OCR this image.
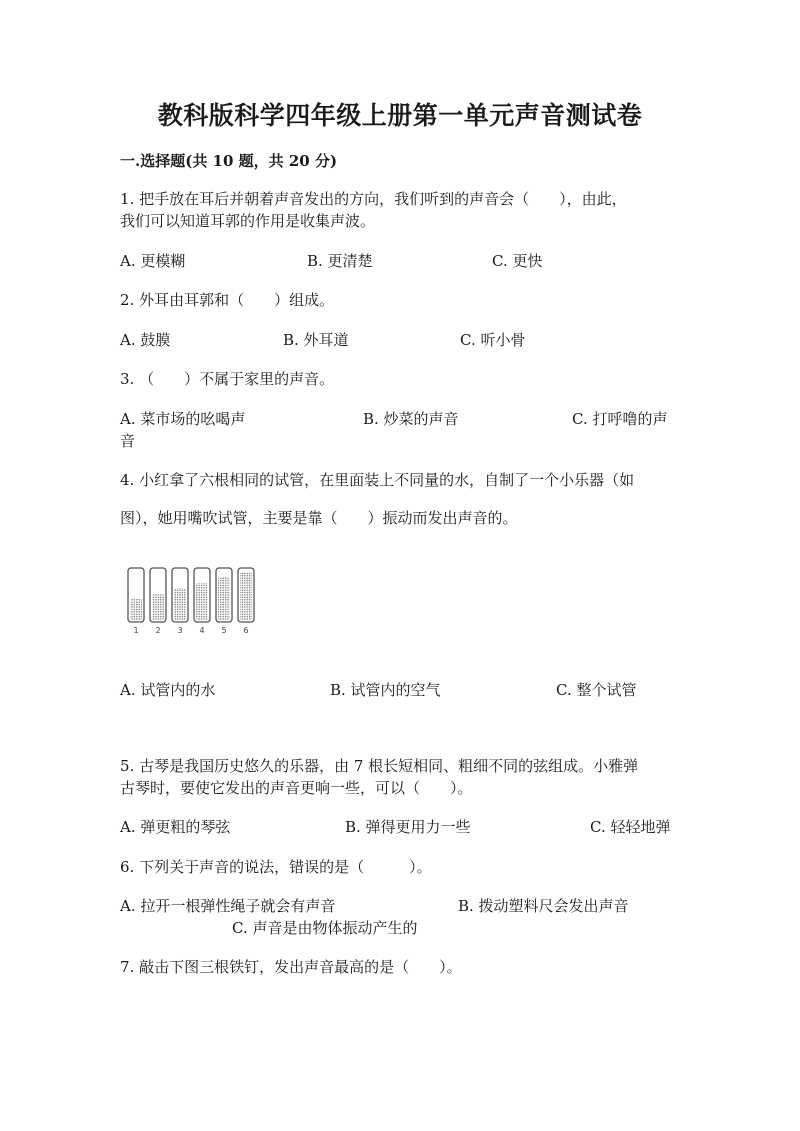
教科版科学四年级上册第一单元声音测试卷
一.选择题(共 10 题，共 20 分)
1. 把手放在耳后并朝着声音发出的方向，我们听到的声音会（　　），由此，
我们可以知道耳郭的作用是收集声波。
A. 更模糊	B. 更清楚	C. 更快
2. 外耳由耳郭和（　　）组成。
A. 鼓膜	B. 外耳道	C. 听小骨
3. （　　）不属于家里的声音。
A. 菜市场的吆喝声	B. 炒菜的声音	C. 打呼噜的声
音
4. 小红拿了六根相同的试管，在里面装上不同量的水，自制了一个小乐器（如
图），她用嘴吹试管，主要是靠（　　）振动而发出声音的。
1 2 3 4 5 6
A. 试管内的水	B. 试管内的空气	C. 整个试管
5. 古琴是我国历史悠久的乐器，由 7 根长短相同、粗细不同的弦组成。小雅弹
古琴时，要使它发出的声音更响一些，可以（　　）。
A. 弹更粗的琴弦	B. 弹得更用力一些	C. 轻轻地弹
6. 下列关于声音的说法，错误的是（　　　）。
A. 拉开一根弹性绳子就会有声音	B. 拨动塑料尺会发出声音
C. 声音是由物体振动产生的
7. 敲击下图三根铁钉，发出声音最高的是（　　）。
